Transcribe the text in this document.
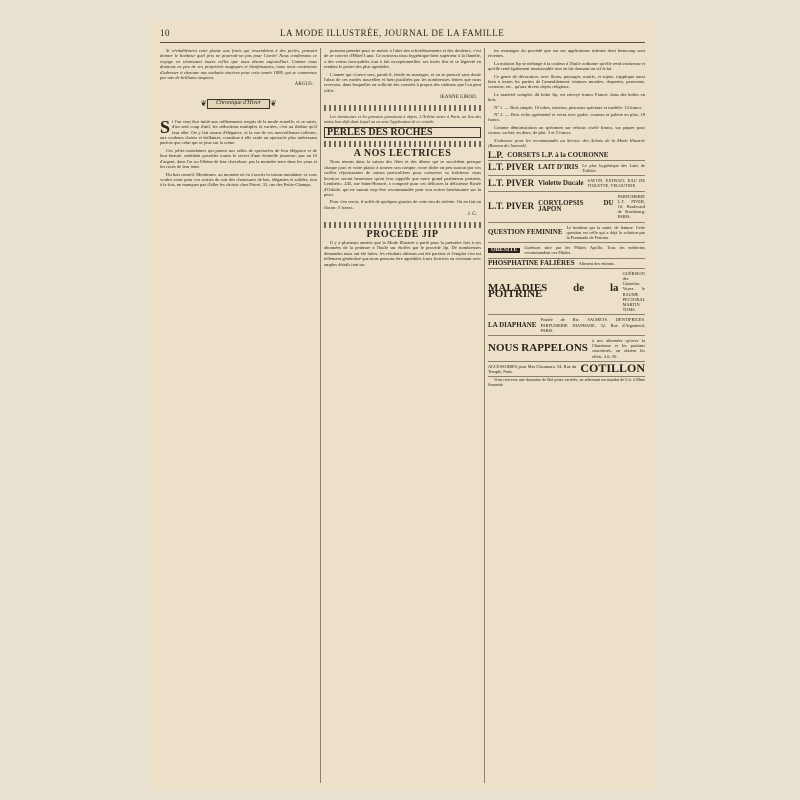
10	LA MODE ILLUSTRÉE, JOURNAL DE LA FAMILLE

Si véritablement cette plante aux fruits qui ressemblent à des perles, pouvant donner le bonheur quel prix ne pourrait-on pas pour l'avoir! Nous confirmons ce voyage en réunissant toutes celles que nous disons aujourd'hui. Comme nous donnons en peu de ses propriétés magiques et bienfaisantes, nous nous contentons d'adresser à chacune nos souhaits sincères pour cette année 1899, qui se commence par une de brillants auspices.

ARGUS.
❦	Chronique d'Hiver	❦

Si l'on veut être initié aux raffinements exquis de la mode actuelle, et se saisir, d'un seul coup d'œil, les séductions multiples et variées, c'est au théâtre qu'il faut aller. On y fait assaut d'élégance, et la rue de ces merveilleuses toilettes, aux couleurs claires et brillantes, constitue à elle seule un spectacle plus intéressant parfois que celui qui se joue sur la scène.

Ces jolies mondaines qui parent nos salles de spectacles de leur élégance et de leur beauté, semblent posséder toutes le secret d'une éternelle jeunesse: pas un fil d'argent, dans l'or ou l'ébène de leur chevelure; pas la moindre terre dans les yeux et les roses de leur teint.

Du bon conseil, Mesdames, au moment où va s'ouvrir la saison mondaine: si vous voulez avoir pour vos sorties du soir des chaussures de bas, élégantes et solides, tout à la fois, ne manquez pas d'aller les choisir chez Poiret, 33, rue des Petits-Champs.

puissent prendre pour se mettre à l'abri des refroidissements et des douleurs, c'est de se couvrir d'Hôtel Luna. Ce nouveau tissu hygiénique bien supérieur à la flanelle, a des vertus incroyables tout à fait exceptionnelles: ses tissés fins et se légèreté en rendent le porter des plus agréables.

L'année qui s'ouvre sera, paraît-il, fertile en mariages, et on se prescrit sans doute l'abus de ces modes nouvelles et bien justifiées par les nombreuses lettres que nous recevons, dans lesquelles on sollicite des conseils à propos des cadeaux que l'on peut offrir.

JEANNE GIROD.

Les chemisettes et les gravures paraissent à objets. L'Arilène ouvre à Paris, un lieu des moins bon déjà dans lequel on en sera l'application de ce remède.

PERLES DES ROCHES
A NOS LECTRICES

Nous tenons dans la saison des fêtes et des dîners qui se succèdent presque chaque jour; et votre plaisir à trouver son compte, votre tâche on peu surtout par vos coiffes réjouissantes de saison particulières pour conserver sa fraîcheur; nous lectrices seront heureuses qu'on leur rappelle que notre grand parfumeur parisien, Lenthéric, 245, rue Saint-Honoré, a composé pour ces délicates la délicieuse Rosée d'Orkide, qui ne saurait trop être recommandée pour son action bienfaisante sur la peau.

Pour s'en servir, il suffit de quelques gouttes de cette eau de toilette. On en fait un flacon: 5 francs.

J. G.
PROCÉDÉ JIP

Il y a plusieurs années que la Mode Illustrée a parlé pour la première fois à ses abonnées de la peinture à l'huile sur étoffes par le procédé Jip. De nombreuses demandes nous ont été faites, les résultats obtenus ont été parfaits et l'emploi s'en est tellement généralisé que nous pensons être agréables à nos lectrices en revenant avec amples détails tant sur

les avantages du procédé que sur ses applications infinies dont beaucoup sont récentes.

La mixtion Jip se mélange à la couleur à l'huile ordinaire qu'elle rend onctueuse et qu'elle rend également insaisissable tout en lui donnant un vif éclat.

Ce genre de décoration, avec fleurs, paysages, motifs, et sujets, s'applique aussi bien à toutes les parties de l'ameublement: tentures murales, draperies, paravents, coussins, etc., qu'aux divers objets religieux.

Le matériel complet, dit boîte Jip, est envoyé franco France, dans des boîtes en bois.

Nº 1. — Bois simple: 10 tubes, mixtion, pinceaux spéciaux et modèle: 14 francs.

Nº 2. — Bois riche agrémenté et verni avec godet, couteau et palette en plus: 18 francs.

Comme démonstration un spécimen sur velours ciselé franco, sur papier pour cousse, sachet, en deux, de plat: 3 et 5 francs.

S'adresser pour les recommandés au Service des Achats de la Mode Illustrée (Bureau du Journal).

L.P. CORSETS L.P. à la COURONNE
L.T. PIVER LAIT D'IRIS Le plus hygiénique des Laits de Toilette.
L.T. PIVER Violette Ducale SAVON, EXTRAIT, EAU DE TOILETTE, VELOUTINE.
L.T. PIVER CORYLOPSIS DU JAPON
PARFUMERIE L.T. PIVER, 10, Boulevard de Strasbourg, PARIS.
QUESTION FEMININE
Le bonheur par la santé, de femme. Cette question est celle qui a déjà la solution par la Pommade de Femina.
OBESITE	Guérison sûre par les Pilules Apollo, Tous les médecins recommandent ces Pilules.
PHOSPHATINE FALIÈRES Aliment des enfants.
MALADIES de la POITRINE
GUÉRISON des Catarrhes. Voyez le BAUME PECTORAL MARTIN TOMS.
LA DIAPHANE
Poudre de Riz. SACHETS. DENTIFRICES. PARFUMERIE DIAPHANE, 32, Rue d'Argenteuil, PARIS.
NOUS RAPPELONS
à nos abonnées qu'avec la Chartreuse et les parfums concentrés, on obtient les effets. 4 fr. 50.
ACCESSOIRES pour Mes Choumara, 54, Rue du Temple, Paris.	COTILLON

Vous recevrez une douzaine de Bol potes variétés, en adressant un mandat de 6 fr. à Mme Sonnette.
